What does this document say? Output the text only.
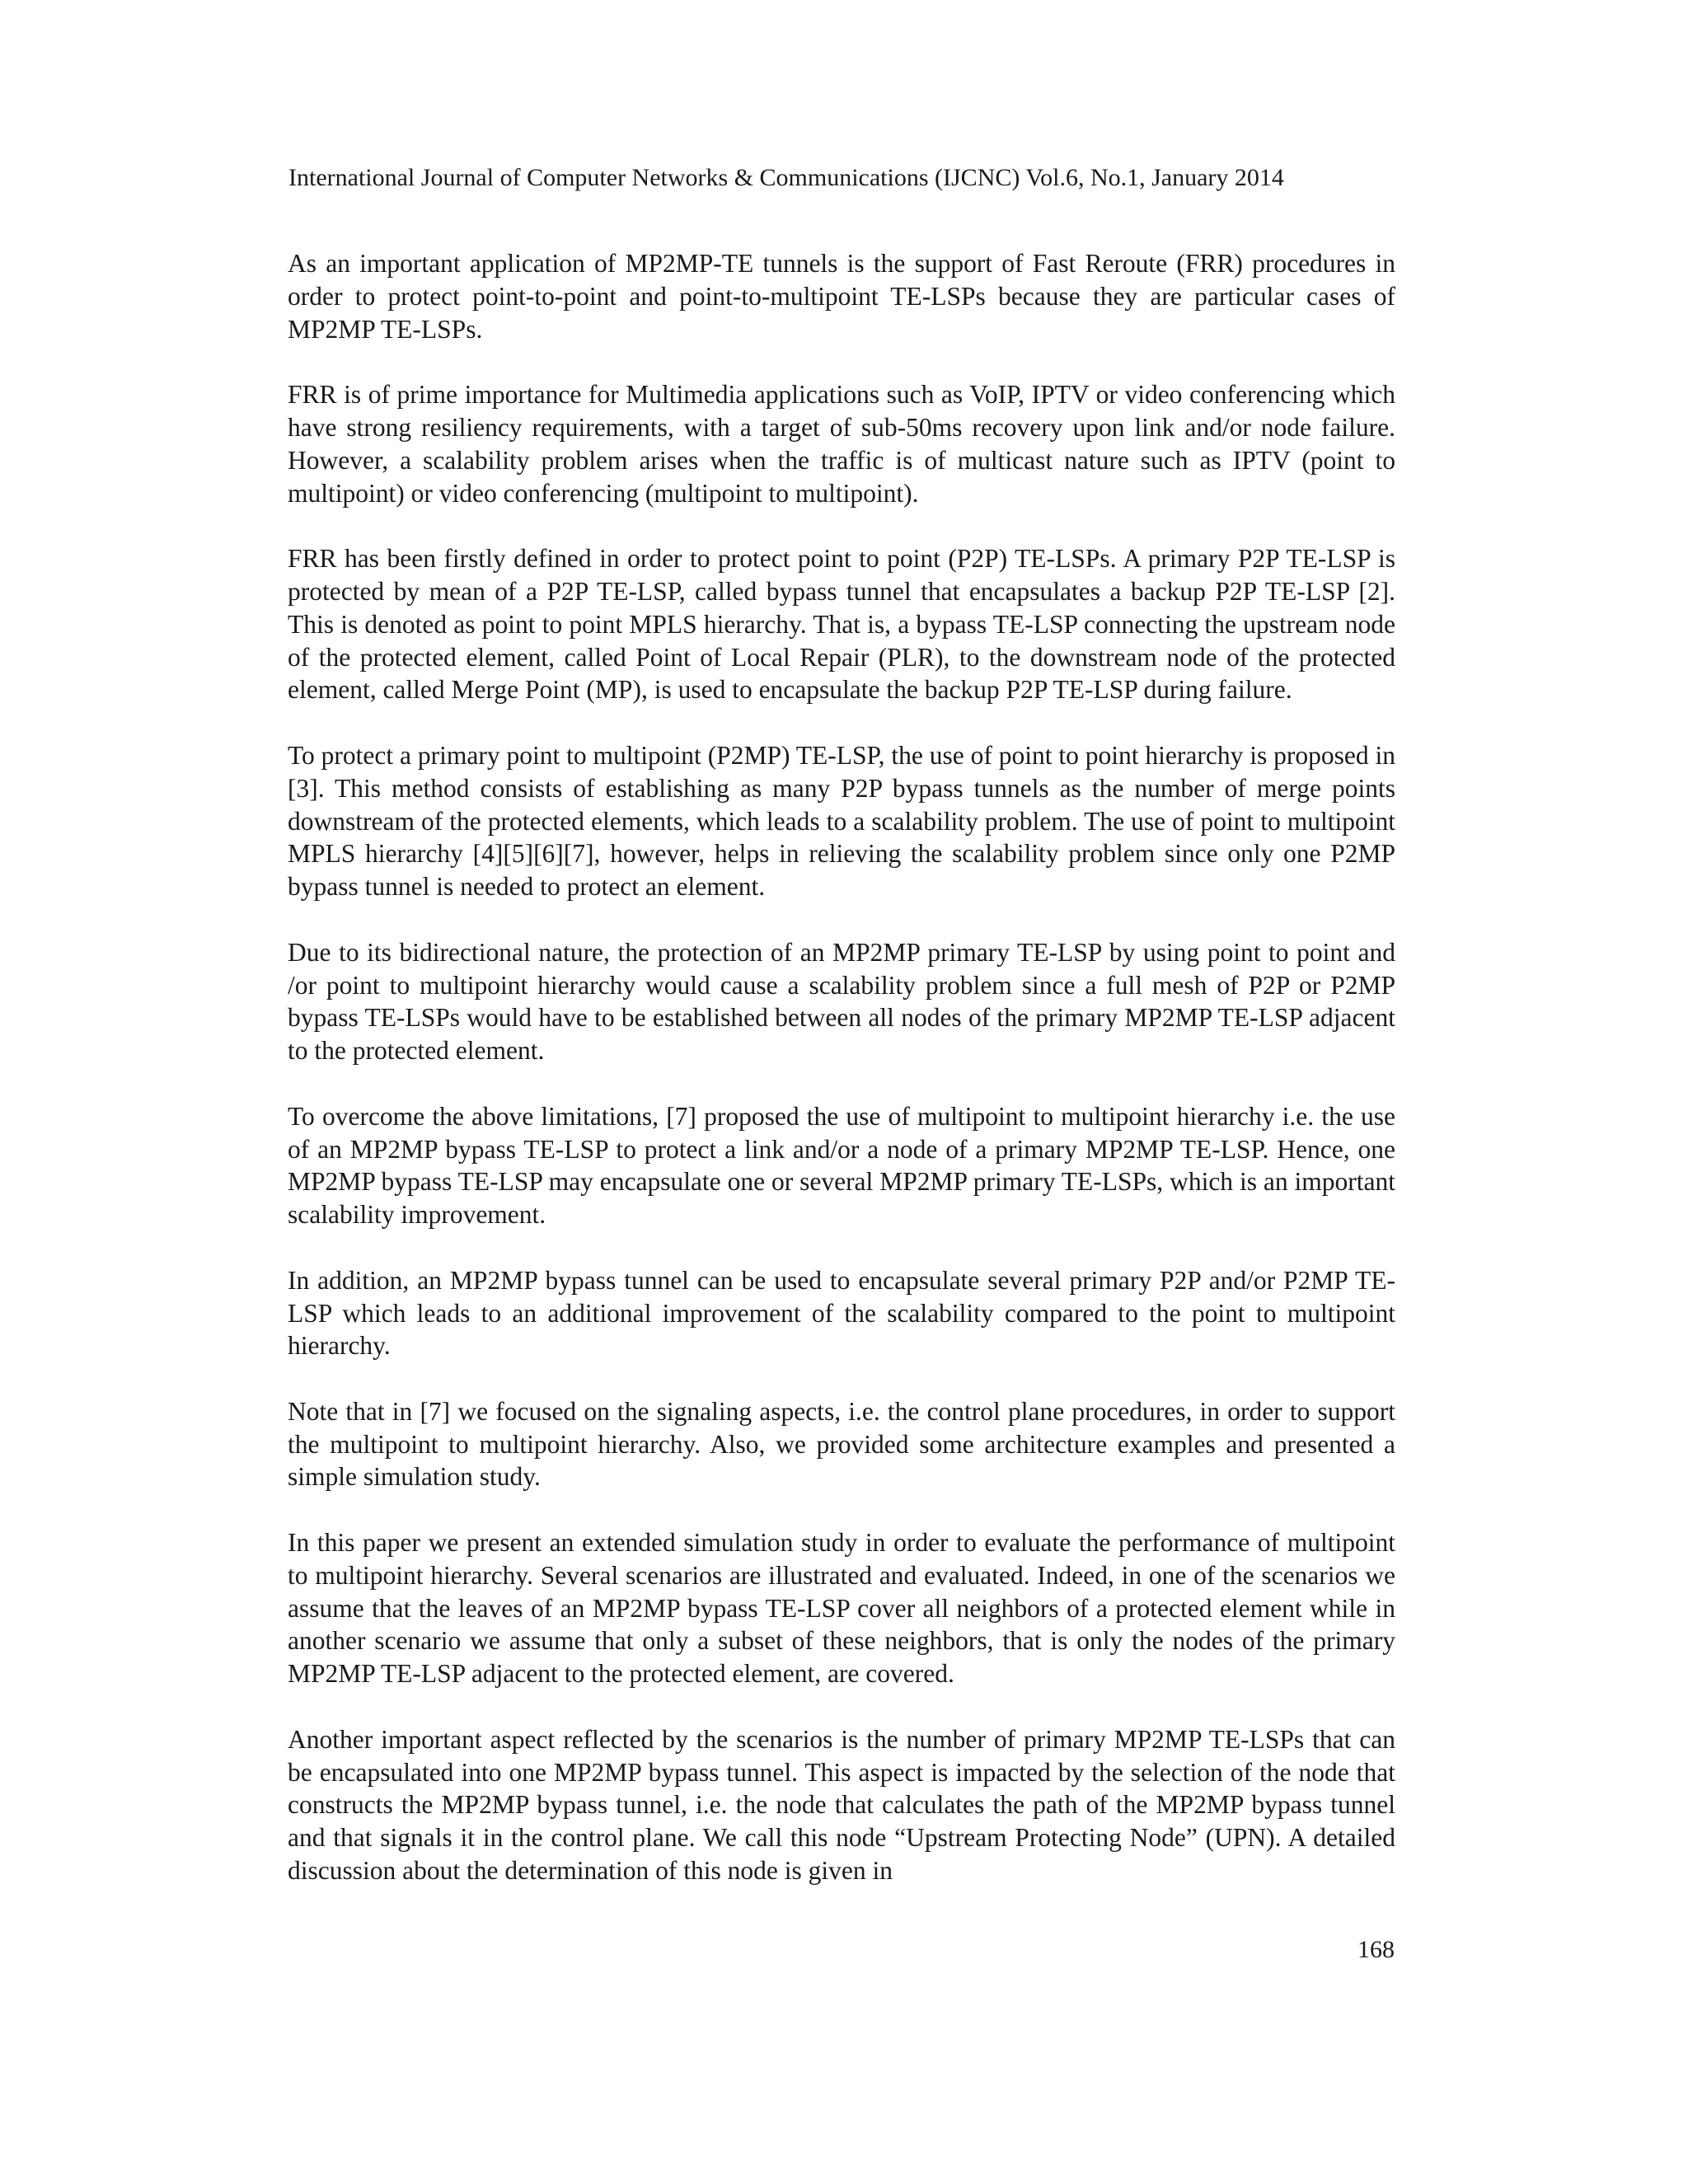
International Journal of Computer Networks & Communications (IJCNC) Vol.6, No.1, January 2014

As an important application of MP2MP-TE tunnels is the support of Fast Reroute (FRR) procedures in order to protect point-to-point and point-to-multipoint TE-LSPs because they are particular cases of MP2MP TE-LSPs.

FRR is of prime importance for Multimedia applications such as VoIP, IPTV or video conferencing which have strong resiliency requirements, with a target of sub-50ms recovery upon link and/or node failure. However, a scalability problem arises when the traffic is of multicast nature such as IPTV (point to multipoint) or video conferencing (multipoint to multipoint).

FRR has been firstly defined in order to protect point to point (P2P) TE-LSPs. A primary P2P TE-LSP is protected by mean of a P2P TE-LSP, called bypass tunnel that encapsulates a backup P2P TE-LSP [2]. This is denoted as point to point MPLS hierarchy. That is, a bypass TE-LSP connecting the upstream node of the protected element, called Point of Local Repair (PLR), to the downstream node of the protected element, called Merge Point (MP), is used to encapsulate the backup P2P TE-LSP during failure.

To protect a primary point to multipoint (P2MP) TE-LSP, the use of point to point hierarchy is proposed in [3]. This method consists of establishing as many P2P bypass tunnels as the number of merge points downstream of the protected elements, which leads to a scalability problem. The use of point to multipoint MPLS hierarchy [4][5][6][7], however, helps in relieving the scalability problem since only one P2MP bypass tunnel is needed to protect an element.

Due to its bidirectional nature, the protection of an MP2MP primary TE-LSP by using point to point and /or point to multipoint hierarchy would cause a scalability problem since a full mesh of P2P or P2MP bypass TE-LSPs would have to be established between all nodes of the primary MP2MP TE-LSP adjacent to the protected element.

To overcome the above limitations, [7] proposed the use of multipoint to multipoint hierarchy i.e. the use of an MP2MP bypass TE-LSP to protect a link and/or a node of a primary MP2MP TE-LSP. Hence, one MP2MP bypass TE-LSP may encapsulate one or several MP2MP primary TE-LSPs, which is an important scalability improvement.

In addition, an MP2MP bypass tunnel can be used to encapsulate several primary P2P and/or P2MP TE-LSP which leads to an additional improvement of the scalability compared to the point to multipoint hierarchy.

Note that in [7] we focused on the signaling aspects, i.e. the control plane procedures, in order to support the multipoint to multipoint hierarchy. Also, we provided some architecture examples and presented a simple simulation study.

In this paper we present an extended simulation study in order to evaluate the performance of multipoint to multipoint hierarchy. Several scenarios are illustrated and evaluated. Indeed, in one of the scenarios we assume that the leaves of an MP2MP bypass TE-LSP cover all neighbors of a protected element while in another scenario we assume that only a subset of these neighbors, that is only the nodes of the primary MP2MP TE-LSP adjacent to the protected element, are covered.

Another important aspect reflected by the scenarios is the number of primary MP2MP TE-LSPs that can be encapsulated into one MP2MP bypass tunnel. This aspect is impacted by the selection of the node that constructs the MP2MP bypass tunnel, i.e. the node that calculates the path of the MP2MP bypass tunnel and that signals it in the control plane. We call this node “Upstream Protecting Node” (UPN). A detailed discussion about the determination of this node is given in

168
